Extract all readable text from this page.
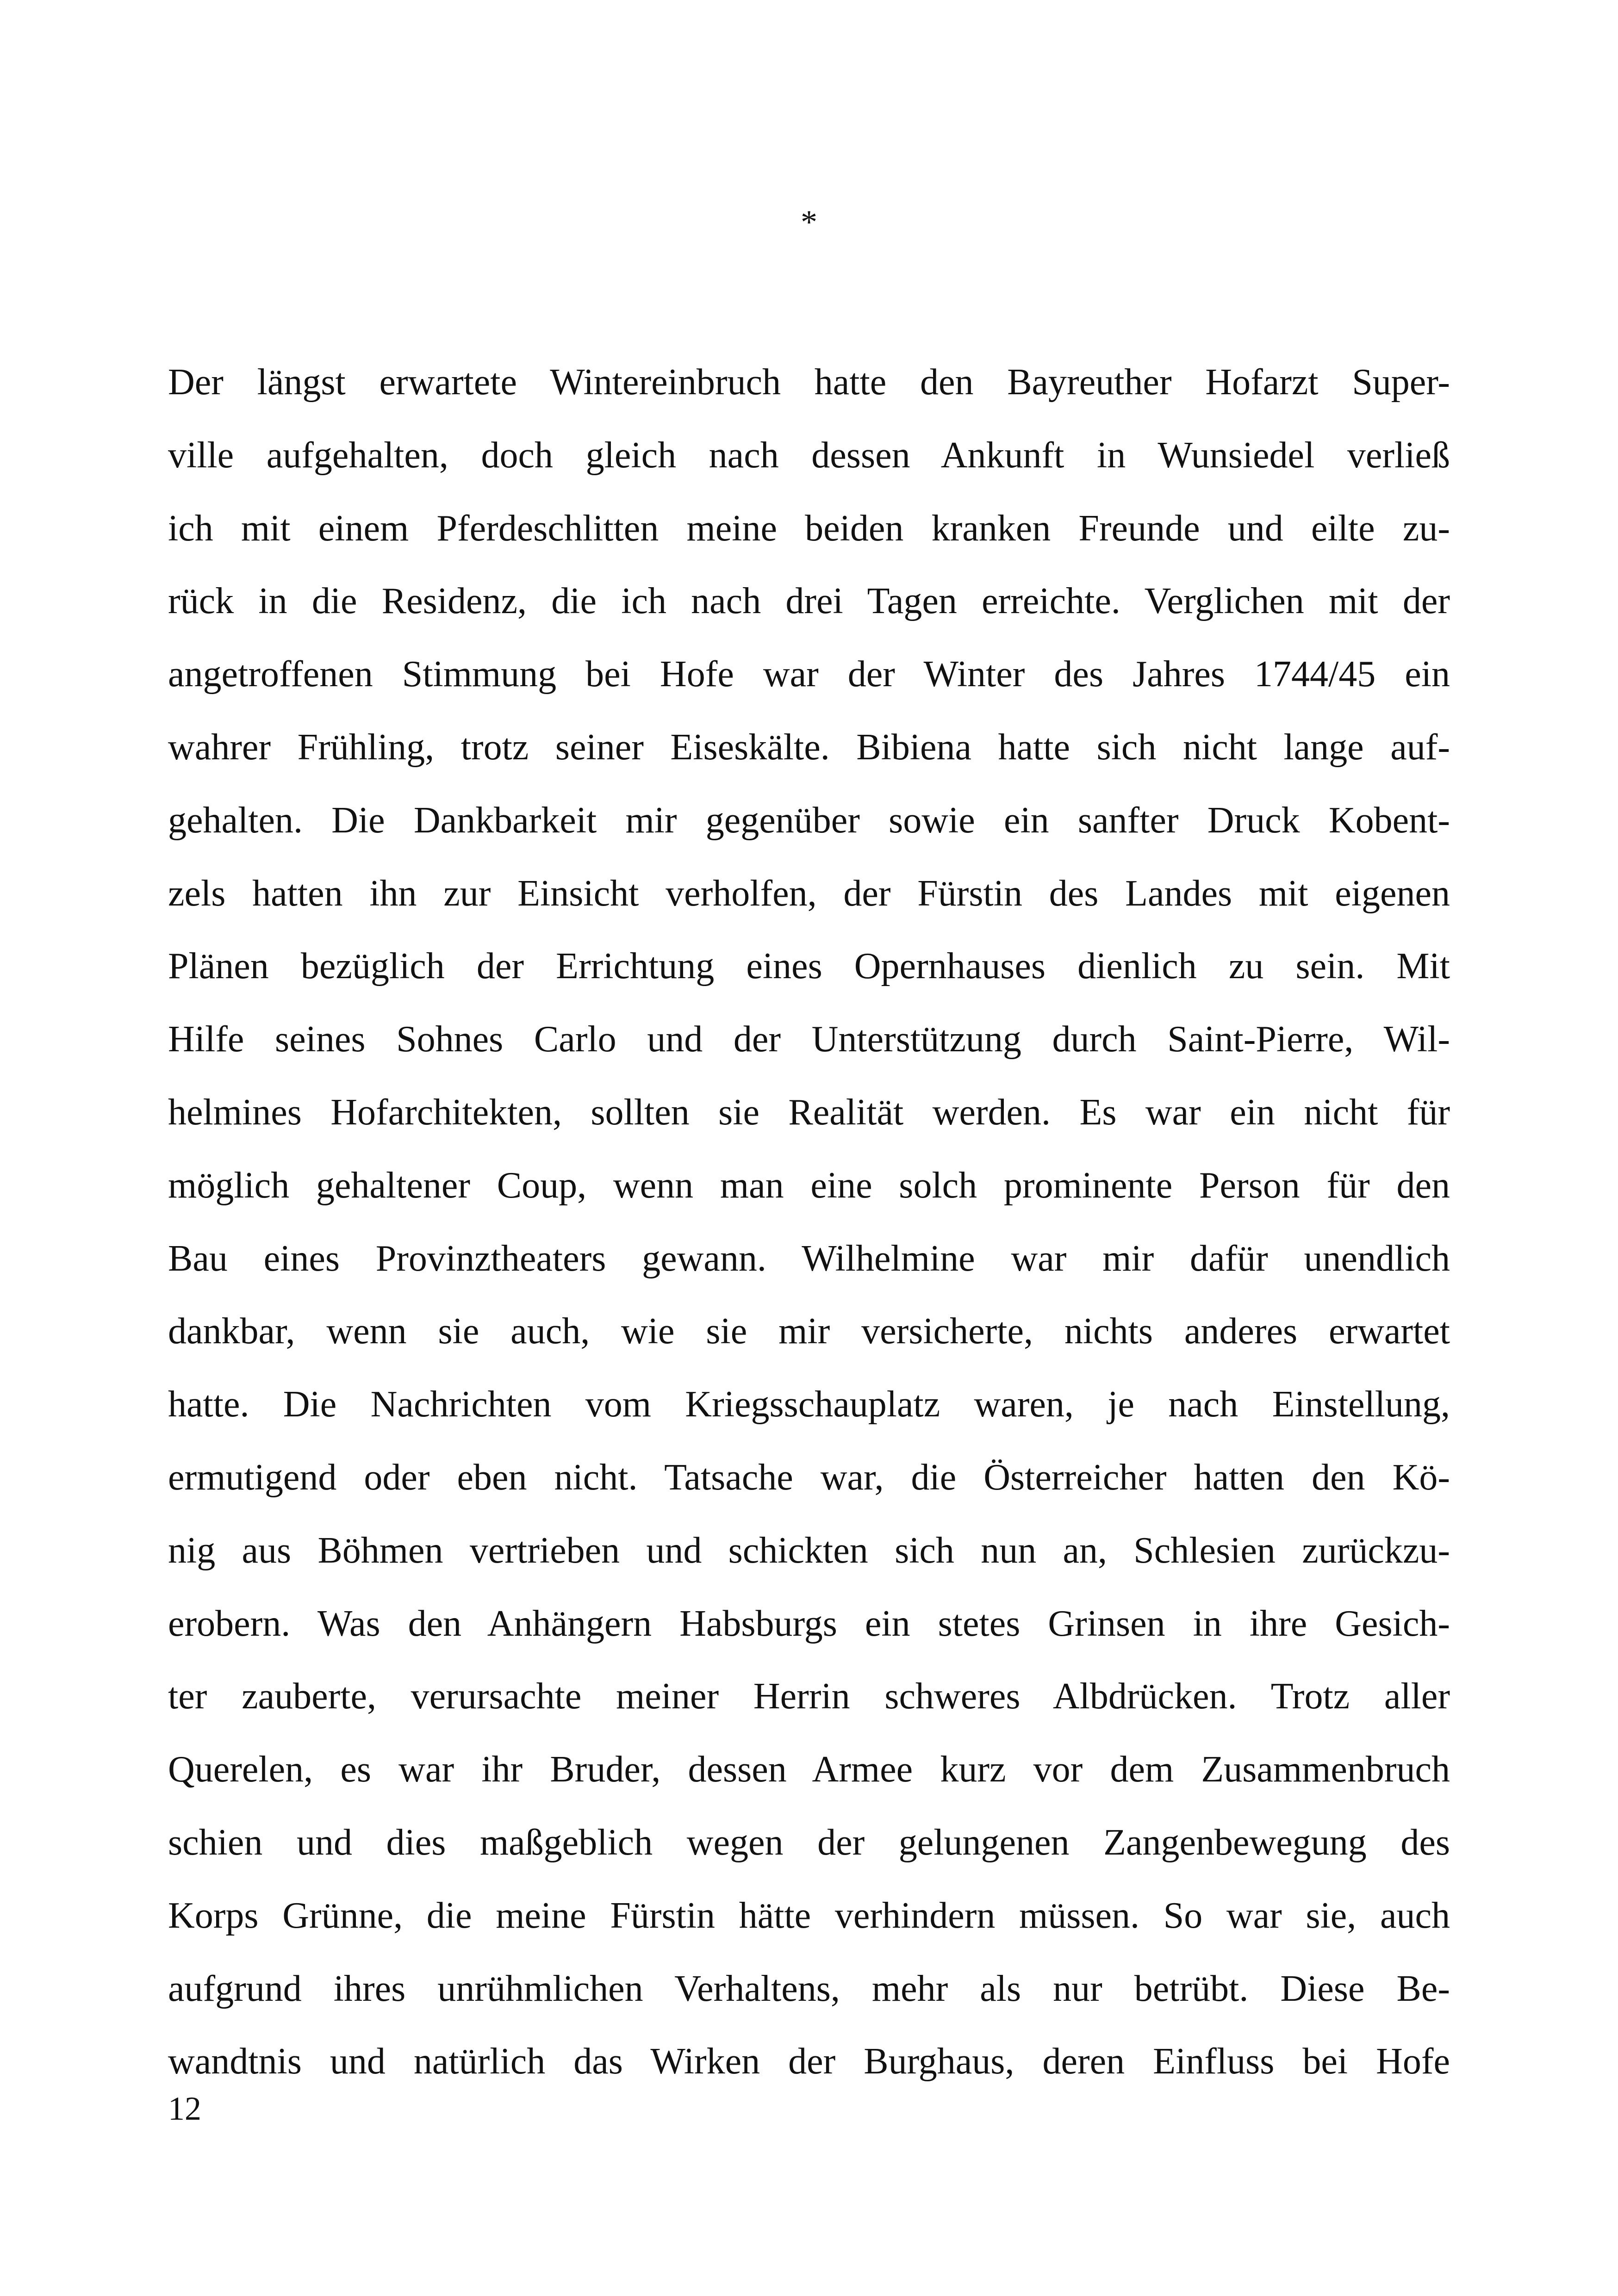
*
Der längst erwartete Wintereinbruch hatte den Bayreuther Hofarzt Super-
ville aufgehalten, doch gleich nach dessen Ankunft in Wunsiedel verließ
ich mit einem Pferdeschlitten meine beiden kranken Freunde und eilte zu-
rück in die Residenz, die ich nach drei Tagen erreichte. Verglichen mit der
angetroffenen Stimmung bei Hofe war der Winter des Jahres 1744/45 ein
wahrer Frühling, trotz seiner Eiseskälte. Bibiena hatte sich nicht lange auf-
gehalten. Die Dankbarkeit mir gegenüber sowie ein sanfter Druck Kobent-
zels hatten ihn zur Einsicht verholfen, der Fürstin des Landes mit eigenen
Plänen bezüglich der Errichtung eines Opernhauses dienlich zu sein. Mit
Hilfe seines Sohnes Carlo und der Unterstützung durch Saint-Pierre, Wil-
helmines Hofarchitekten, sollten sie Realität werden. Es war ein nicht für
möglich gehaltener Coup, wenn man eine solch prominente Person für den
Bau eines Provinztheaters gewann. Wilhelmine war mir dafür unendlich
dankbar, wenn sie auch, wie sie mir versicherte, nichts anderes erwartet
hatte. Die Nachrichten vom Kriegsschauplatz waren, je nach Einstellung,
ermutigend oder eben nicht. Tatsache war, die Österreicher hatten den Kö-
nig aus Böhmen vertrieben und schickten sich nun an, Schlesien zurückzu-
erobern. Was den Anhängern Habsburgs ein stetes Grinsen in ihre Gesich-
ter zauberte, verursachte meiner Herrin schweres Albdrücken. Trotz aller
Querelen, es war ihr Bruder, dessen Armee kurz vor dem Zusammenbruch
schien und dies maßgeblich wegen der gelungenen Zangenbewegung des
Korps Grünne, die meine Fürstin hätte verhindern müssen. So war sie, auch
aufgrund ihres unrühmlichen Verhaltens, mehr als nur betrübt. Diese Be-
wandtnis und natürlich das Wirken der Burghaus, deren Einfluss bei Hofe
12
